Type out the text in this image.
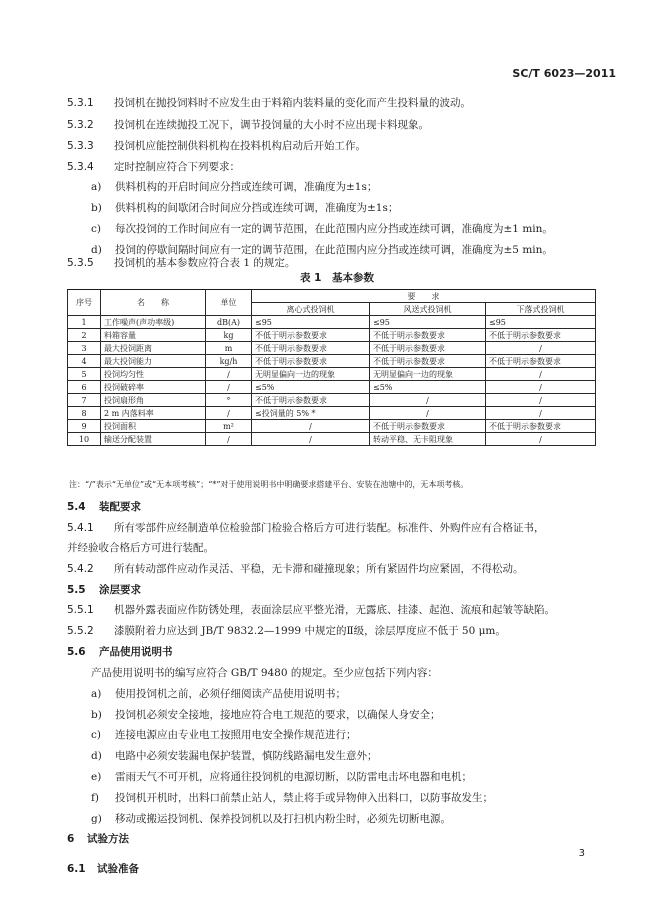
SC/T 6023—2011
5.3.1 投饲机在抛投饲料时不应发生由于料箱内装料量的变化而产生投料量的波动。
5.3.2 投饲机在连续抛投工况下，调节投饲量的大小时不应出现卡料现象。
5.3.3 投饲机应能控制供料机构在投料机构启动后开始工作。
5.3.4 定时控制应符合下列要求：
a) 供料机构的开启时间应分挡或连续可调，准确度为±1s；
b) 供料机构的间歇闭合时间应分挡或连续可调，准确度为±1s；
c) 每次投饲的工作时间应有一定的调节范围，在此范围内应分挡或连续可调，准确度为±1 min。
d) 投饲的停歇间隔时间应有一定的调节范围，在此范围内应分挡或连续可调，准确度为±5 min。
5.3.5 投饲机的基本参数应符合表 1 的规定。
表 1　基本参数
序号	名　　称	单位	要　　求		
			离心式投饲机	风送式投饲机	下落式投饲机
1	工作噪声(声功率级)	dB(A)	≤95	≤95	≤95
2	料箱容量	kg	不低于明示参数要求	不低于明示参数要求	不低于明示参数要求
3	最大投饲距离	m	不低于明示参数要求	不低于明示参数要求	/
4	最大投饲能力	kg/h	不低于明示参数要求	不低于明示参数要求	不低于明示参数要求
5	投饲均匀性	/	无明显偏向一边的现象	无明显偏向一边的现象	/
6	投饲破碎率	/	≤5%	≤5%	/
7	投饲扇形角	°	不低于明示参数要求	/	/
8	2 m 内落料率	/	≤投饲量的 5% *	/	/
9	投饲面积	m²	/	不低于明示参数要求	不低于明示参数要求
10	输送分配装置	/	/	转动平稳、无卡阻现象	/
注：“/”表示“无单位”或“无本项考核”；“*”对于使用说明书中明确要求搭建平台、安装在池塘中的，无本项考核。
5.4 装配要求
5.4.1 所有零部件应经制造单位检验部门检验合格后方可进行装配。标准件、外购件应有合格证书，
并经验收合格后方可进行装配。
5.4.2 所有转动部件应动作灵活、平稳，无卡滞和碰撞现象；所有紧固件均应紧固，不得松动。
5.5 涂层要求
5.5.1 机器外露表面应作防锈处理，表面涂层应平整光滑，无露底、挂漆、起泡、流痕和起皱等缺陷。
5.5.2 漆膜附着力应达到 JB/T 9832.2—1999 中规定的Ⅱ级，涂层厚度应不低于 50 μm。
5.6 产品使用说明书
产品使用说明书的编写应符合 GB/T 9480 的规定。至少应包括下列内容：
a) 使用投饲机之前，必须仔细阅读产品使用说明书；
b) 投饲机必须安全接地，接地应符合电工规范的要求，以确保人身安全；
c) 连接电源应由专业电工按照用电安全操作规范进行；
d) 电路中必须安装漏电保护装置，慎防线路漏电发生意外；
e) 雷雨天气不可开机，应将通往投饲机的电源切断，以防雷电击坏电器和电机；
f) 投饲机开机时，出料口前禁止站人，禁止将手或异物伸入出料口，以防事故发生；
g) 移动或搬运投饲机、保养投饲机以及打扫机内粉尘时，必须先切断电源。
6 试验方法
6.1 试验准备
3
